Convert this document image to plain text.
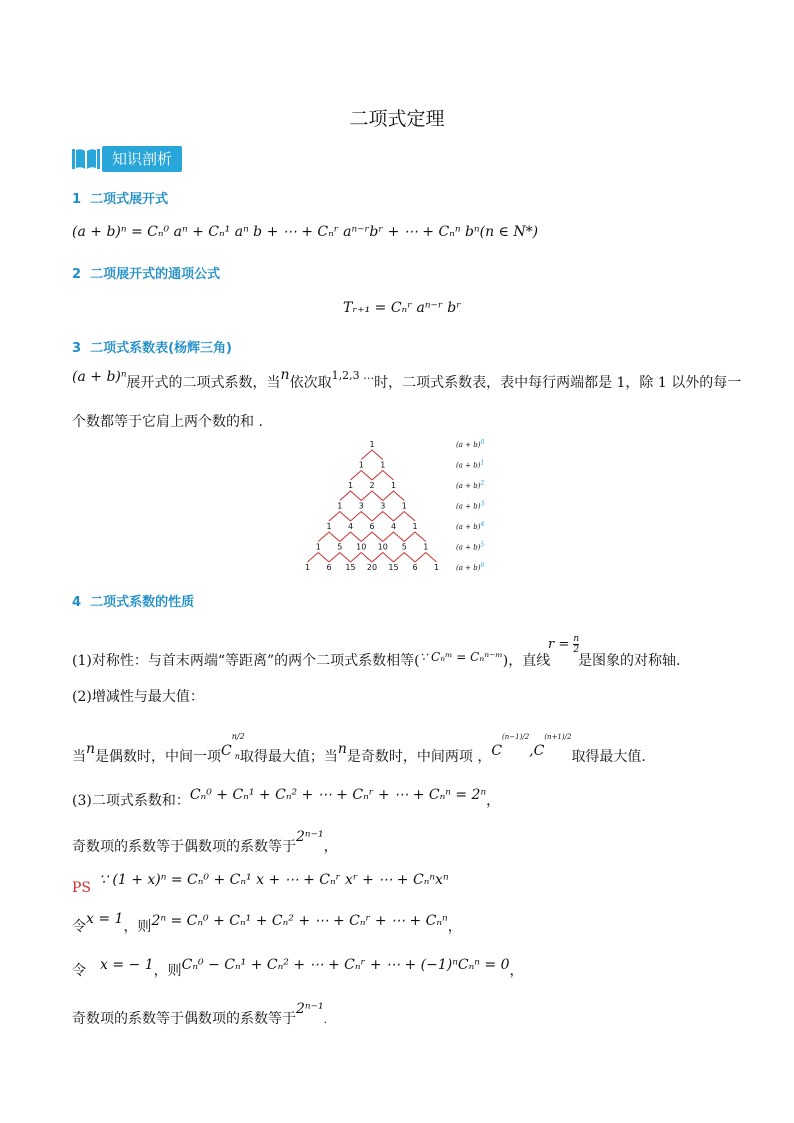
二项式定理
知识剖析
1 二项式展开式
(a + b)ⁿ = Cₙ⁰ aⁿ + Cₙ¹ aⁿ b + ⋯ + Cₙʳ aⁿ⁻ʳbʳ + ⋯ + Cₙⁿ bⁿ(n ∈ N*)
2 二项展开式的通项公式
Tᵣ₊₁ = Cₙʳ aⁿ⁻ʳ bʳ
3 二项式系数表(杨辉三角)
(a + b)ⁿ展开式的二项式系数，当n依次取$^{1,2,3 \dots}$时，二项式系数表，表中每行两端都是 1，除 1 以外的每一
个数都等于它肩上两个数的和 .
1	(a + b)0
1 1	(a + b)1
1 2 1	(a + b)2
1 3 3 1	(a + b)3
1 4 6 4 1	(a + b)4
1 5 10 10 5 1	(a + b)5
1 6 15 20 15 6 1 (a + b)6
4 二项式系数的性质
(1)对称性：与首末两端“等距离”的两个二项式系数相等(∵ Cₙᵐ = Cₙⁿ⁻ᵐ)，直线
$r = \frac{n}{2}$
是图象的对称轴.
(2)增减性与最大值：
当n是偶数时，中间一项$C^{n/2}_n$取得最大值；当n是奇数时，中间两项 ，$C^{(n-1)/2},C^{(n+1)/2}$取得最大值.
(3)二项式系数和：Cₙ⁰ + Cₙ¹ + Cₙ² + ⋯ + Cₙʳ + ⋯ + Cₙⁿ = 2ⁿ，
奇数项的系数等于偶数项的系数等于2ⁿ⁻¹，
PS ∵ (1 + x)ⁿ = Cₙ⁰ + Cₙ¹ x + ⋯ + Cₙʳ xʳ + ⋯ + Cₙⁿxⁿ
令x = 1，则2ⁿ = Cₙ⁰ + Cₙ¹ + Cₙ² + ⋯ + Cₙʳ + ⋯ + Cₙⁿ，
令 x = − 1，则Cₙ⁰ − Cₙ¹ + Cₙ² + ⋯ + Cₙʳ + ⋯ + (−1)ⁿCₙⁿ = 0，
奇数项的系数等于偶数项的系数等于2ⁿ⁻¹.
